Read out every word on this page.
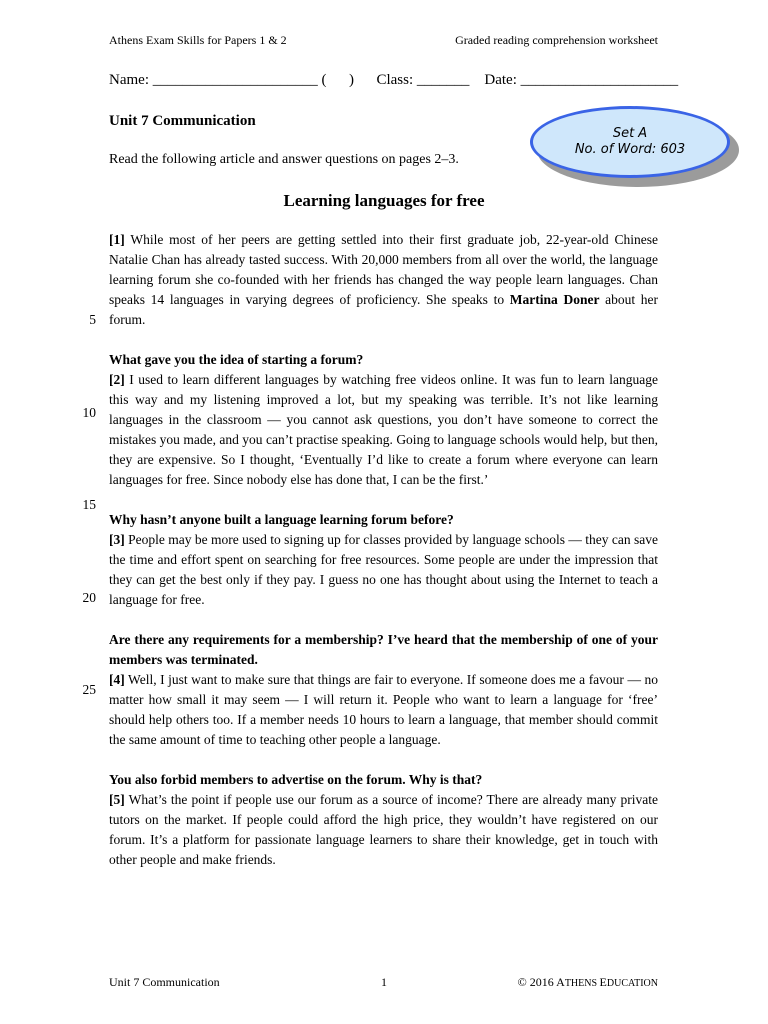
Athens Exam Skills for Papers 1 & 2	Graded reading comprehension worksheet
Name: ______________________ (      )      Class: _______    Date: _____________________
Unit 7 Communication
Read the following article and answer questions on pages 2–3.
Set A
No. of Word: 603
Learning languages for free

[1] While most of her peers are getting settled into their first graduate job, 22-year-old Chinese Natalie Chan has already tasted success. With 20,000 members from all over the world, the language learning forum she co-founded with her friends has changed the way people learn languages. Chan speaks 14 languages in varying degrees of proficiency. She speaks to Martina Doner about her forum.

What gave you the idea of starting a forum?

[2] I used to learn different languages by watching free videos online. It was fun to learn language this way and my listening improved a lot, but my speaking was terrible. It’s not like learning languages in the classroom — you cannot ask questions, you don’t have someone to correct the mistakes you made, and you can’t practise speaking. Going to language schools would help, but then, they are expensive. So I thought, ‘Eventually I’d like to create a forum where everyone can learn languages for free. Since nobody else has done that, I can be the first.’

Why hasn’t anyone built a language learning forum before?

[3] People may be more used to signing up for classes provided by language schools — they can save the time and effort spent on searching for free resources. Some people are under the impression that they can get the best only if they pay. I guess no one has thought about using the Internet to teach a language for free.

Are there any requirements for a membership? I’ve heard that the membership of one of your members was terminated.

[4] Well, I just want to make sure that things are fair to everyone. If someone does me a favour — no matter how small it may seem — I will return it. People who want to learn a language for ‘free’ should help others too. If a member needs 10 hours to learn a language, that member should commit the same amount of time to teaching other people a language.

You also forbid members to advertise on the forum. Why is that?

[5] What’s the point if people use our forum as a source of income? There are already many private tutors on the market. If people could afford the high price, they wouldn’t have registered on our forum. It’s a platform for passionate language learners to share their knowledge, get in touch with other people and make friends.

5
10
15
20
25
Unit 7 Communication	1	© 2016 ATHENS EDUCATION
